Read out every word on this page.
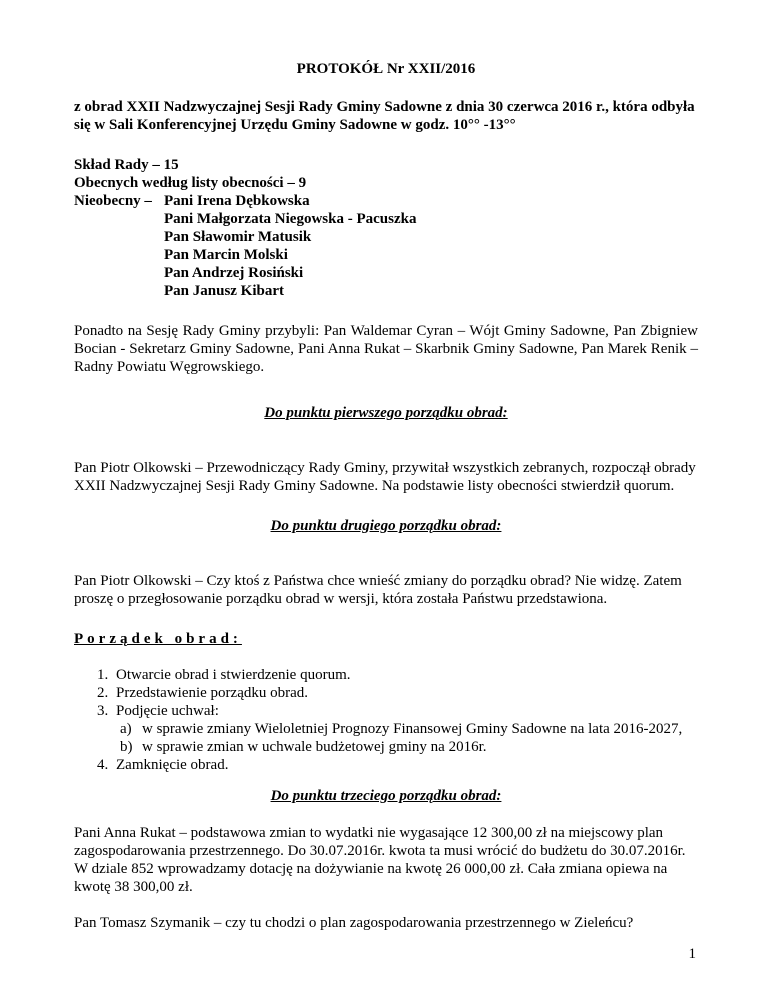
PROTOKÓŁ Nr XXII/2016

z obrad XXII Nadzwyczajnej Sesji Rady Gminy Sadowne z dnia 30 czerwca 2016 r., która odbyła się w Sali Konferencyjnej Urzędu Gminy Sadowne w godz. 10°° -13°°

Skład Rady – 15
Obecnych według listy obecności – 9
Nieobecny – Pani Irena Dębkowska
Pani Małgorzata Niegowska - Pacuszka
Pan Sławomir Matusik
Pan Marcin Molski
Pan Andrzej Rosiński
Pan Janusz Kibart

Ponadto na Sesję Rady Gminy przybyli: Pan Waldemar Cyran – Wójt Gminy Sadowne, Pan Zbigniew Bocian - Sekretarz Gminy Sadowne, Pani Anna Rukat – Skarbnik Gminy Sadowne, Pan Marek Renik – Radny Powiatu Węgrowskiego.

Do punktu pierwszego porządku obrad:

Pan Piotr Olkowski – Przewodniczący Rady Gminy, przywitał wszystkich zebranych, rozpoczął obrady XXII Nadzwyczajnej Sesji Rady Gminy Sadowne. Na podstawie listy obecności stwierdził quorum.

Do punktu drugiego porządku obrad:

Pan Piotr Olkowski – Czy ktoś z Państwa chce wnieść zmiany do porządku obrad? Nie widzę. Zatem proszę o przegłosowanie porządku obrad w wersji, która została Państwu przedstawiona.

Porządek obrad:

1. Otwarcie obrad i stwierdzenie quorum.
2. Przedstawienie porządku obrad.
3. Podjęcie uchwał:
a) w sprawie zmiany Wieloletniej Prognozy Finansowej Gminy Sadowne na lata 2016-2027,
b) w sprawie zmian w uchwale budżetowej gminy na 2016r.
4. Zamknięcie obrad.

Do punktu trzeciego porządku obrad:

Pani Anna Rukat – podstawowa zmian to wydatki nie wygasające 12 300,00 zł na miejscowy plan zagospodarowania przestrzennego. Do 30.07.2016r. kwota ta musi wrócić do budżetu do 30.07.2016r. W dziale 852 wprowadzamy dotację na dożywianie na kwotę 26 000,00 zł. Cała zmiana opiewa na kwotę 38 300,00 zł.

Pan Tomasz Szymanik – czy tu chodzi o plan zagospodarowania przestrzennego w Zieleńcu?

1
